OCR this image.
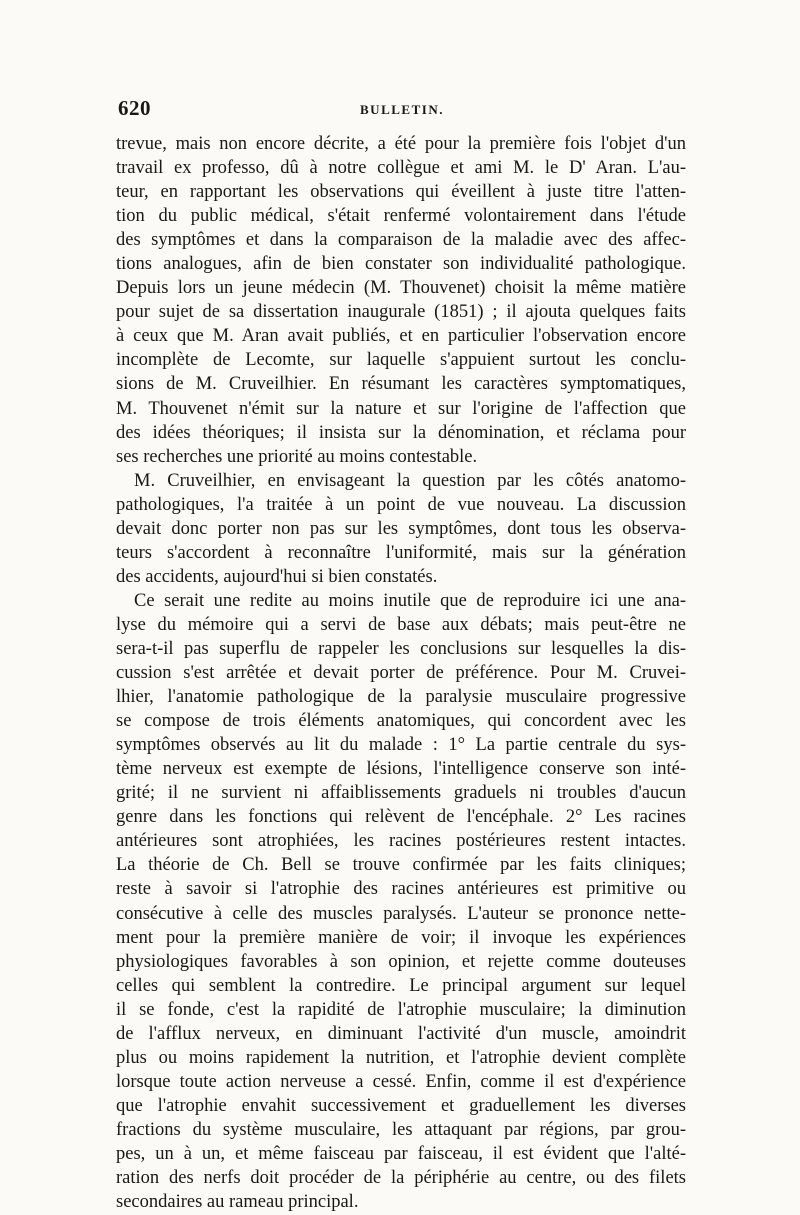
620	BULLETIN.
trevue, mais non encore décrite, a été pour la première fois l'objet d'un
travail ex professo, dû à notre collègue et ami M. le D' Aran. L'au-
teur, en rapportant les observations qui éveillent à juste titre l'atten-
tion du public médical, s'était renfermé volontairement dans l'étude
des symptômes et dans la comparaison de la maladie avec des affec-
tions analogues, afin de bien constater son individualité pathologique.
Depuis lors un jeune médecin (M. Thouvenet) choisit la même matière
pour sujet de sa dissertation inaugurale (1851) ; il ajouta quelques faits
à ceux que M. Aran avait publiés, et en particulier l'observation encore
incomplète de Lecomte, sur laquelle s'appuient surtout les conclu-
sions de M. Cruveilhier. En résumant les caractères symptomatiques,
M. Thouvenet n'émit sur la nature et sur l'origine de l'affection que
des idées théoriques; il insista sur la dénomination, et réclama pour
ses recherches une priorité au moins contestable.
M. Cruveilhier, en envisageant la question par les côtés anatomo-
pathologiques, l'a traitée à un point de vue nouveau. La discussion
devait donc porter non pas sur les symptômes, dont tous les observa-
teurs s'accordent à reconnaître l'uniformité, mais sur la génération
des accidents, aujourd'hui si bien constatés.
Ce serait une redite au moins inutile que de reproduire ici une ana-
lyse du mémoire qui a servi de base aux débats; mais peut-être ne
sera-t-il pas superflu de rappeler les conclusions sur lesquelles la dis-
cussion s'est arrêtée et devait porter de préférence. Pour M. Cruvei-
lhier, l'anatomie pathologique de la paralysie musculaire progressive
se compose de trois éléments anatomiques, qui concordent avec les
symptômes observés au lit du malade : 1° La partie centrale du sys-
tème nerveux est exempte de lésions, l'intelligence conserve son inté-
grité; il ne survient ni affaiblissements graduels ni troubles d'aucun
genre dans les fonctions qui relèvent de l'encéphale. 2° Les racines
antérieures sont atrophiées, les racines postérieures restent intactes.
La théorie de Ch. Bell se trouve confirmée par les faits cliniques;
reste à savoir si l'atrophie des racines antérieures est primitive ou
consécutive à celle des muscles paralysés. L'auteur se prononce nette-
ment pour la première manière de voir; il invoque les expériences
physiologiques favorables à son opinion, et rejette comme douteuses
celles qui semblent la contredire. Le principal argument sur lequel
il se fonde, c'est la rapidité de l'atrophie musculaire; la diminution
de l'afflux nerveux, en diminuant l'activité d'un muscle, amoindrit
plus ou moins rapidement la nutrition, et l'atrophie devient complète
lorsque toute action nerveuse a cessé. Enfin, comme il est d'expérience
que l'atrophie envahit successivement et graduellement les diverses
fractions du système musculaire, les attaquant par régions, par grou-
pes, un à un, et même faisceau par faisceau, il est évident que l'alté-
ration des nerfs doit procéder de la périphérie au centre, ou des filets
secondaires au rameau principal.
